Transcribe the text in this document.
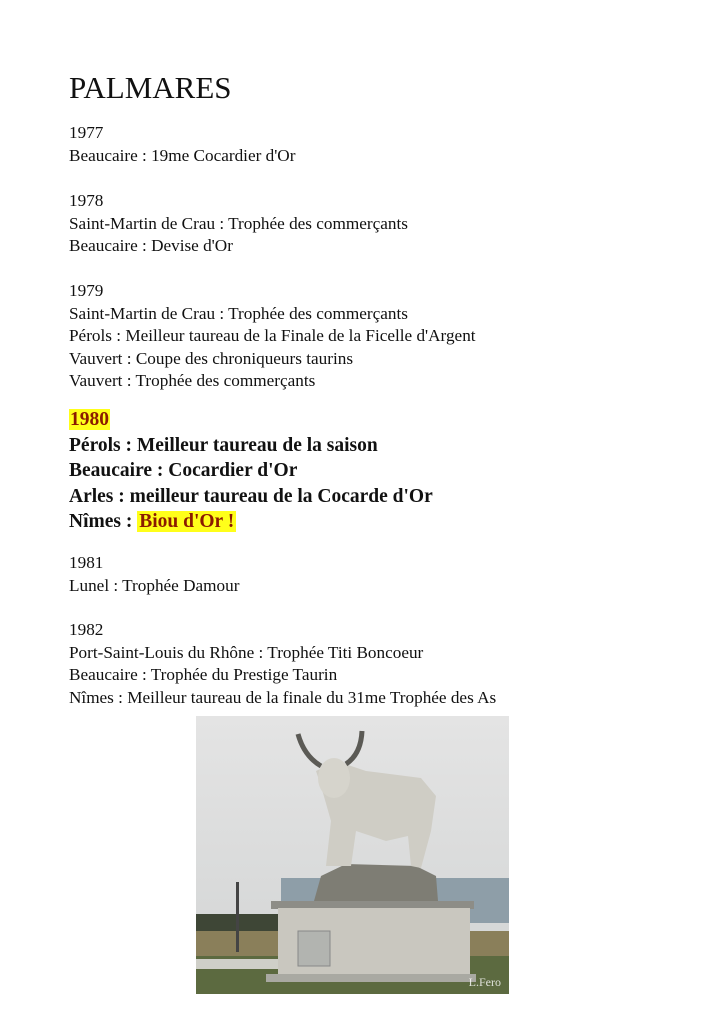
PALMARES
1977
Beaucaire : 19me Cocardier d'Or
1978
Saint-Martin de Crau : Trophée des commerçants
Beaucaire : Devise d'Or
1979
Saint-Martin de Crau : Trophée des commerçants
Pérols : Meilleur taureau de la Finale de la Ficelle d'Argent
Vauvert : Coupe des chroniqueurs taurins
Vauvert : Trophée des commerçants
1980
Pérols : Meilleur taureau de la saison
Beaucaire : Cocardier d'Or
Arles : meilleur taureau de la Cocarde d'Or
Nîmes : Biou d'Or !
1981
Lunel : Trophée Damour
1982
Port-Saint-Louis du Rhône : Trophée Titi Boncoeur
Beaucaire : Trophée du Prestige Taurin
Nîmes : Meilleur taureau de la finale du 31me Trophée des As
L.Fero
